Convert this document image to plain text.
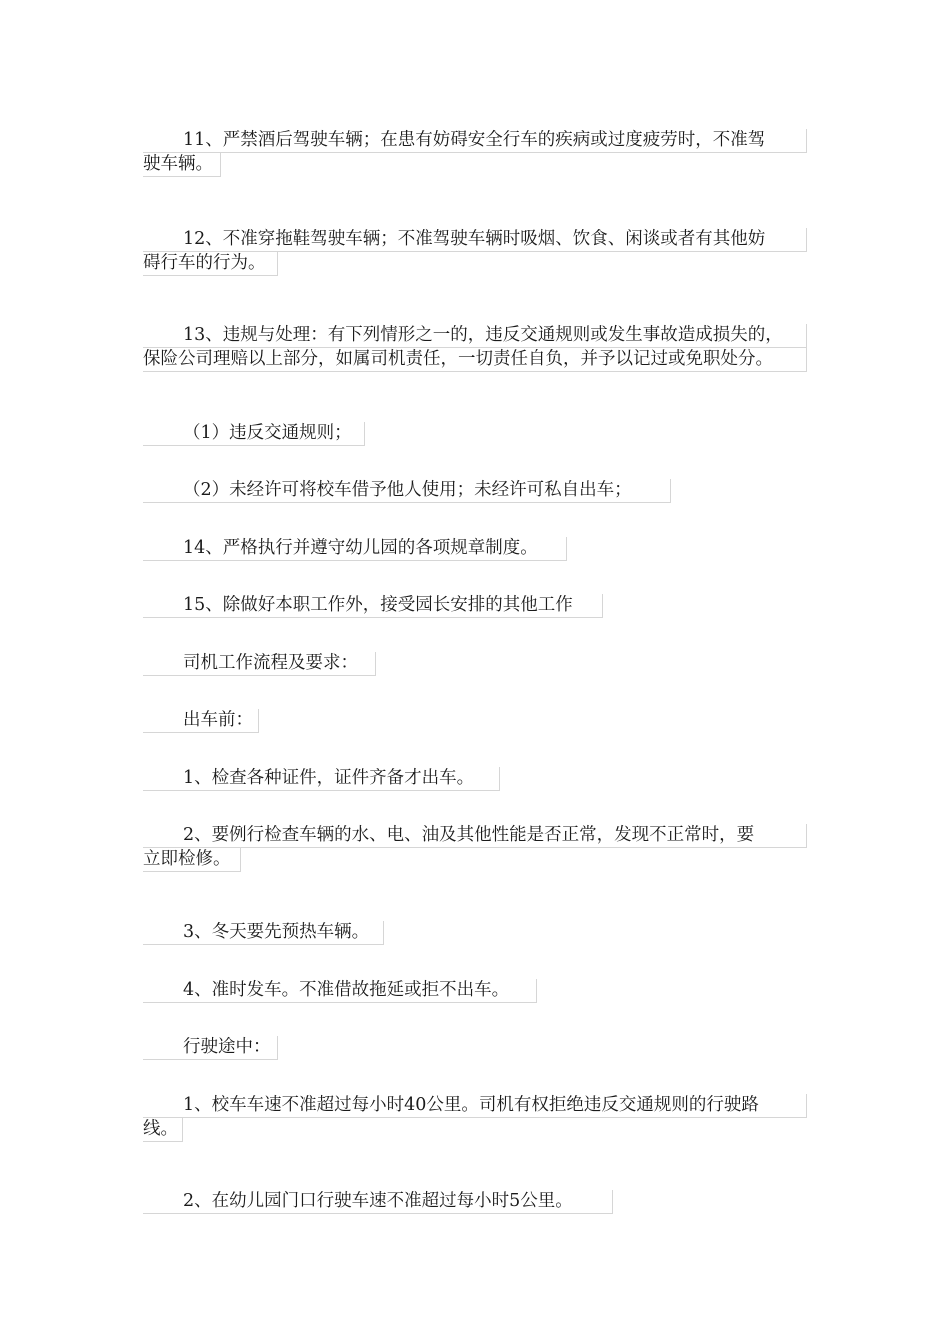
11、严禁酒后驾驶车辆；在患有妨碍安全行车的疾病或过度疲劳时，不准驾
驶车辆。
12、不准穿拖鞋驾驶车辆；不准驾驶车辆时吸烟、饮食、闲谈或者有其他妨
碍行车的行为。
13、违规与处理：有下列情形之一的，违反交通规则或发生事故造成损失的，
保险公司理赔以上部分，如属司机责任，一切责任自负，并予以记过或免职处分。
（1）违反交通规则；
（2）未经许可将校车借予他人使用；未经许可私自出车；
14、严格执行并遵守幼儿园的各项规章制度。
15、除做好本职工作外，接受园长安排的其他工作
司机工作流程及要求：
出车前：
1、检查各种证件，证件齐备才出车。
2、要例行检查车辆的水、电、油及其他性能是否正常，发现不正常时，要
立即检修。
3、冬天要先预热车辆。
4、准时发车。不准借故拖延或拒不出车。
行驶途中：
1、校车车速不准超过每小时40公里。司机有权拒绝违反交通规则的行驶路
线。
2、在幼儿园门口行驶车速不准超过每小时5公里。
